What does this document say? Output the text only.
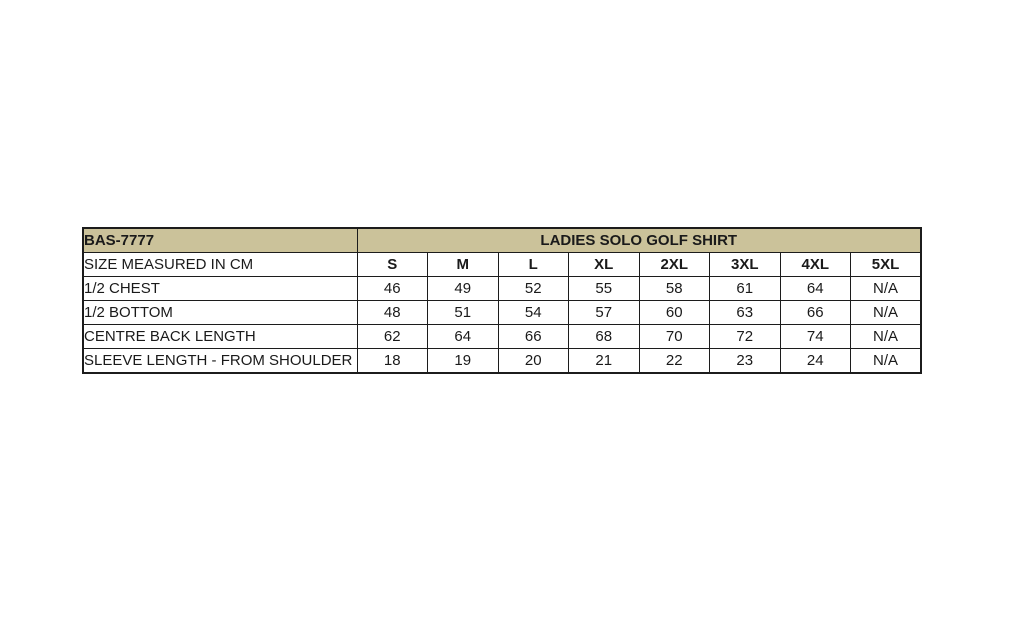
BAS-7777	LADIES SOLO GOLF SHIRT							
SIZE MEASURED IN CM	S	M	L	XL	2XL	3XL	4XL	5XL
1/2 CHEST	46	49	52	55	58	61	64	N/A
1/2 BOTTOM	48	51	54	57	60	63	66	N/A
CENTRE BACK LENGTH	62	64	66	68	70	72	74	N/A
SLEEVE LENGTH - FROM SHOULDER	18	19	20	21	22	23	24	N/A
